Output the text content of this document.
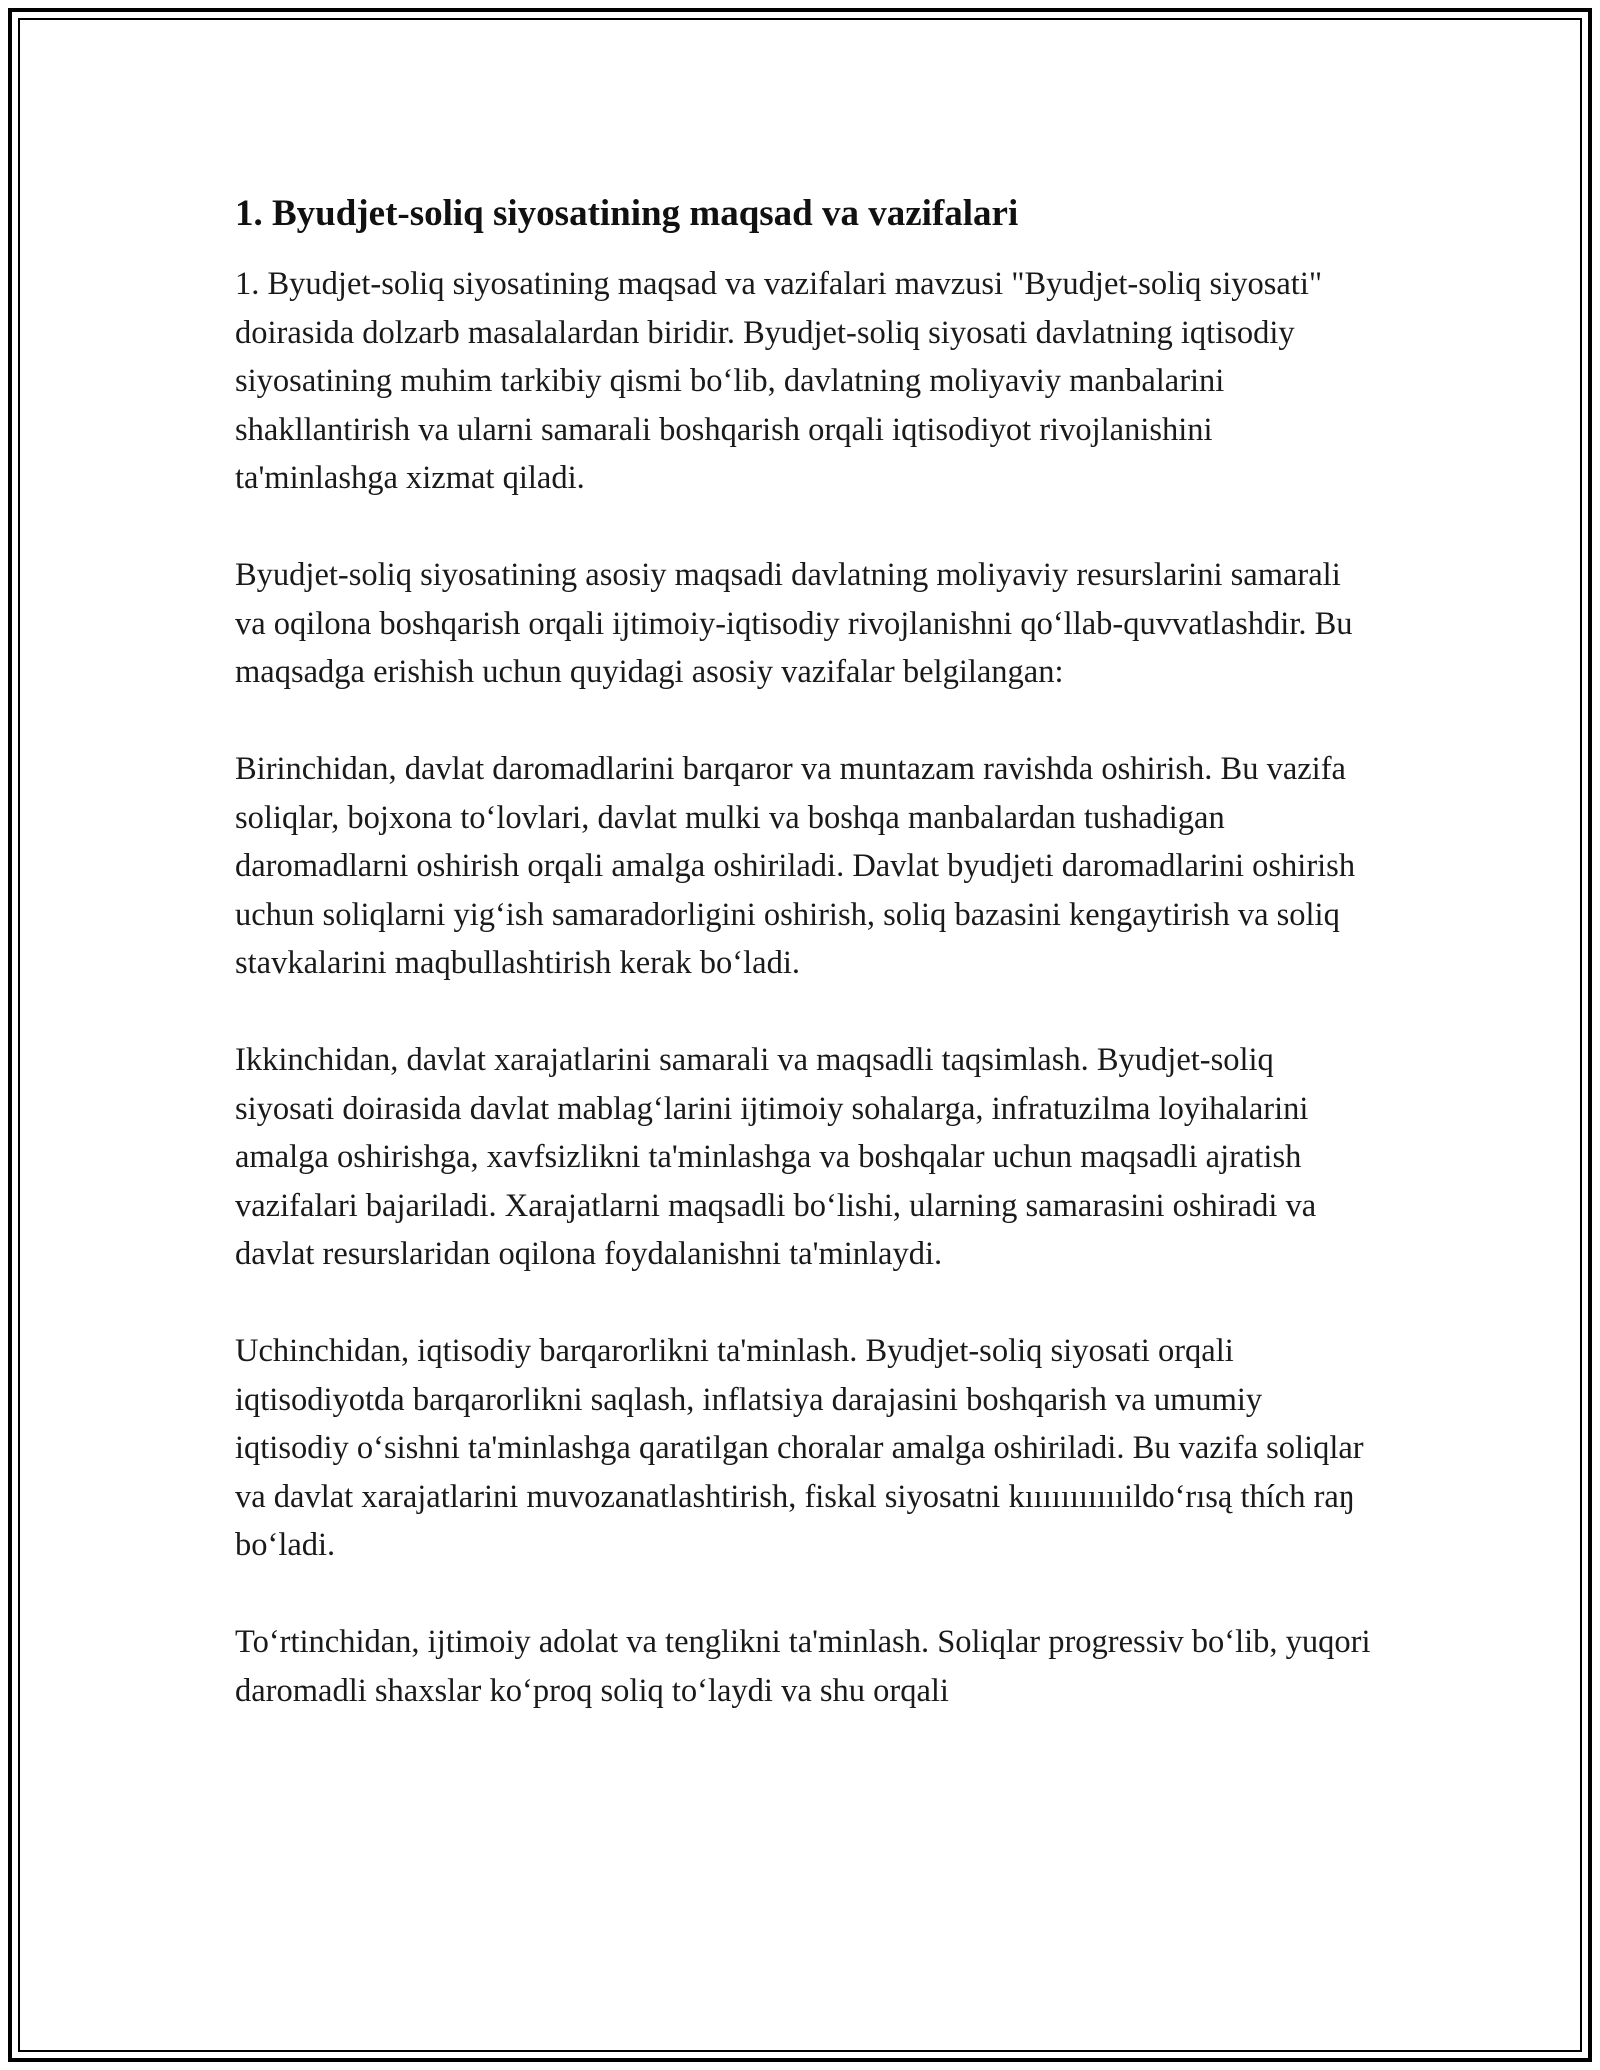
1. Byudjet-soliq siyosatining maqsad va vazifalari

1. Byudjet-soliq siyosatining maqsad va vazifalari mavzusi "Byudjet-soliq siyosati" doirasida dolzarb masalalardan biridir. Byudjet-soliq siyosati davlatning iqtisodiy siyosatining muhim tarkibiy qismi bo‘lib, davlatning moliyaviy manbalarini shakllantirish va ularni samarali boshqarish orqali iqtisodiyot rivojlanishini ta'minlashga xizmat qiladi.

Byudjet-soliq siyosatining asosiy maqsadi davlatning moliyaviy resurslarini samarali va oqilona boshqarish orqali ijtimoiy-iqtisodiy rivojlanishni qo‘llab-quvvatlashdir. Bu maqsadga erishish uchun quyidagi asosiy vazifalar belgilangan:

Birinchidan, davlat daromadlarini barqaror va muntazam ravishda oshirish. Bu vazifa soliqlar, bojxona to‘lovlari, davlat mulki va boshqa manbalardan tushadigan daromadlarni oshirish orqali amalga oshiriladi. Davlat byudjeti daromadlarini oshirish uchun soliqlarni yig‘ish samaradorligini oshirish, soliq bazasini kengaytirish va soliq stavkalarini maqbullashtirish kerak bo‘ladi.

Ikkinchidan, davlat xarajatlarini samarali va maqsadli taqsimlash. Byudjet-soliq siyosati doirasida davlat mablag‘larini ijtimoiy sohalarga, infratuzilma loyihalarini amalga oshirishga, xavfsizlikni ta'minlashga va boshqalar uchun maqsadli ajratish vazifalari bajariladi. Xarajatlarni maqsadli bo‘lishi, ularning samarasini oshiradi va davlat resurslaridan oqilona foydalanishni ta'minlaydi.

Uchinchidan, iqtisodiy barqarorlikni ta'minlash. Byudjet-soliq siyosati orqali iqtisodiyotda barqarorlikni saqlash, inflatsiya darajasini boshqarish va umumiy iqtisodiy o‘sishni ta'minlashga qaratilgan choralar amalga oshiriladi. Bu vazifa soliqlar va davlat xarajatlarini muvozanatlashtirish, fiskal siyosatni kıııııııııııildo‘rısą thích raŋ bo‘ladi.

To‘rtinchidan, ijtimoiy adolat va tenglikni ta'minlash. Soliqlar progressiv bo‘lib, yuqori daromadli shaxslar ko‘proq soliq to‘laydi va shu orqali
